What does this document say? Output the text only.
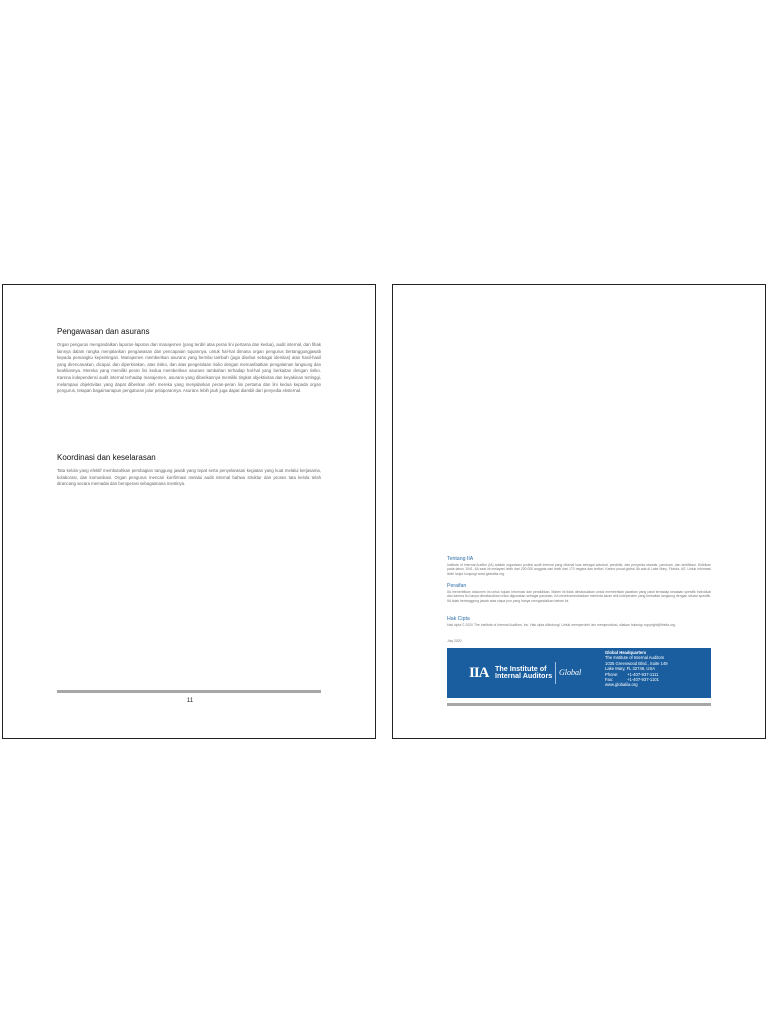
Pengawasan dan asurans

Organ pengurus mengandalkan laporan-laporan dari manajemen (yang terdiri atas peran lini pertama dan kedua), audit internal, dan fihak lainnya dalam rangka menjalankan pengawasan dan pencapaian tujuannya, untuk hal-hal dimana organ pengurus bertanggungjawab kepada pemangku kepentingan. Manajemen memberikan asurans yang bernilai tambah (juga disebut sebagai idenitas) atas hasil-hasil yang direncanakan, dicapai, dan diperkirakan, atas risiko, dan atas pengelolaan risiko dengan memanfaatkan pengalaman langsung dan keahliannya. Mereka yang memiliki peran lini kedua memberikan asurans tambahan terhadap hal-hal yang berkaitan dengan risiko. Karena independensi audit internal terhadap manajemen, asurans yang diberikannya memiliki tingkat objektivitas dan keyakinan tertinggi, melampaui objektivitas yang dapat diberikan oleh mereka yang menjalankan peran-peran lini pertama dan lini kedua kepada organ pengurus, tetapan bagaimanapun pengaturan jalur pelaporannya. Asurans lebih jauh juga dapat diambil dari penyedia eksternal.

Koordinasi dan keselarasan

Tata kelola yang efektif membutuhkan pembagian tanggung jawab yang tepat serta penyelarasan kegiatan yang kuat melalui kerjasama, kolaborasi, dan komunikasi. Organ pengurus mencari konfirmasi melalui audit internal bahwa struktur dan proses tata kelola telah dirancang secara memadai dan beroperasi sebagaimana mestinya.

11
Tentang IIA

Institute of Internal Auditor (IA) adalah organisasi profesi audit internal yang dikenal luas sebagai advokat, pendidik, dan penyedia standar, panduan, dan sertifikasi. Didirikan pada tahun 1941, IIA saat ini melayani lebih dari 200.000 anggota dari lebih dari 170 negara dan teritori. Kantor pusat global IIA ada di Lake Mary, Florida, AS. Untuk informasi lebih lanjut kunjungi www.globaliia.org.

Peraifan

IIA menerbitkan dokumen ini untuk tujuan informasi dan pendidikan. Materi ini tidak dimaksudkan untuk memberikan jawaban yang pasti terhadap keadaan spesifik individual dan karena itu hanya dimaksudkan untuk digunakan sebagai panduan. IIA merekomendasikan meminta saran ahli independen yang berkaitan langsung dengan situasi spesifik. IIA tidak bertanggung jawab atas siapa pun yang hanya mengandalkan bahan ini.

Hak Cipta

Hak cipta © 2020 The Institute of Internal Auditors, Inc. Hak cipta dilindungi. Untuk memperoleh izin memproduksi, silakan hubungi copyright@theiia.org.

July 2020
IIA The Institute of
Internal Auditors Global
Global Headquarters
The Institute of Internal Auditors
1035 Greenwood Blvd., Suite 149
Lake Mary, FL 32746, USA
Phone: +1-407-937-1111
Fax:	+1-407-937-1101
www.globaliia.org
